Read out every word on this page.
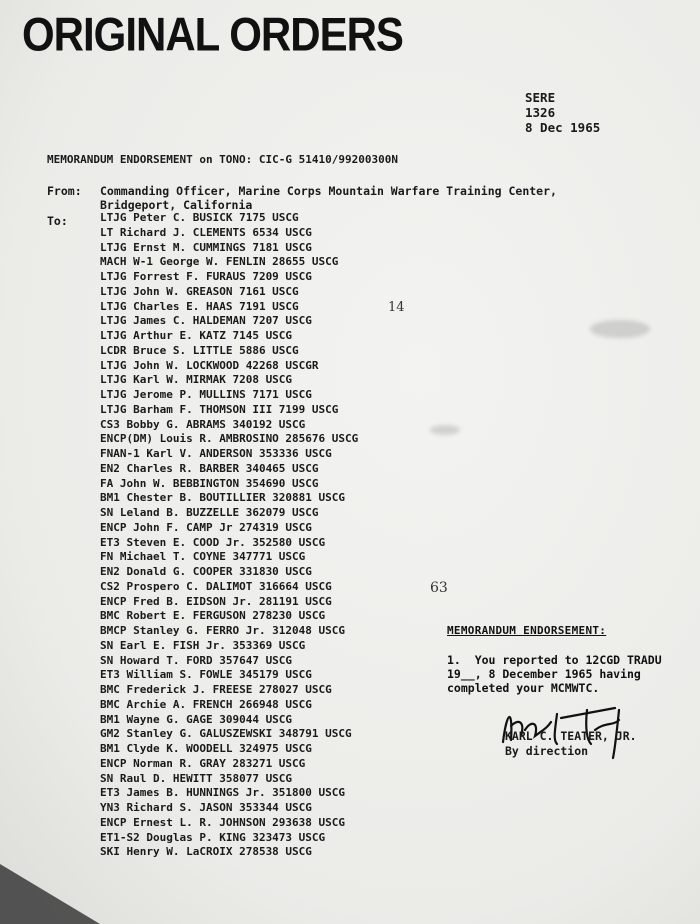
ORIGINAL ORDERS
SERE
1326
8 Dec 1965
MEMORANDUM ENDORSEMENT on TONO: CIC-G 51410/99200300N
From: Commanding Officer, Marine Corps Mountain Warfare Training Center,
Bridgeport, California
To:	LTJG Peter C. BUSICK 7175 USCG
LT Richard J. CLEMENTS 6534 USCG
LTJG Ernst M. CUMMINGS 7181 USCG
MACH W-1 George W. FENLIN 28655 USCG
LTJG Forrest F. FURAUS 7209 USCG
LTJG John W. GREASON 7161 USCG
LTJG Charles E. HAAS 7191 USCG
LTJG James C. HALDEMAN 7207 USCG
LTJG Arthur E. KATZ 7145 USCG
LCDR Bruce S. LITTLE 5886 USCG
LTJG John W. LOCKWOOD 42268 USCGR
LTJG Karl W. MIRMAK 7208 USCG
LTJG Jerome P. MULLINS 7171 USCG
LTJG Barham F. THOMSON III 7199 USCG
CS3 Bobby G. ABRAMS 340192 USCG
ENCP(DM) Louis R. AMBROSINO 285676 USCG
FNAN-1 Karl V. ANDERSON 353336 USCG
EN2 Charles R. BARBER 340465 USCG
FA John W. BEBBINGTON 354690 USCG
BM1 Chester B. BOUTILLIER 320881 USCG
SN Leland B. BUZZELLE 362079 USCG
ENCP John F. CAMP Jr 274319 USCG
ET3 Steven E. COOD Jr. 352580 USCG
FN Michael T. COYNE 347771 USCG
EN2 Donald G. COOPER 331830 USCG
CS2 Prospero C. DALIMOT 316664 USCG
ENCP Fred B. EIDSON Jr. 281191 USCG
BMC Robert E. FERGUSON 278230 USCG
BMCP Stanley G. FERRO Jr. 312048 USCG
SN Earl E. FISH Jr. 353369 USCG
SN Howard T. FORD 357647 USCG
ET3 William S. FOWLE 345179 USCG
BMC Frederick J. FREESE 278027 USCG
BMC Archie A. FRENCH 266948 USCG
BM1 Wayne G. GAGE 309044 USCG
GM2 Stanley G. GALUSZEWSKI 348791 USCG
BM1 Clyde K. WOODELL 324975 USCG
ENCP Norman R. GRAY 283271 USCG
SN Raul D. HEWITT 358077 USCG
ET3 James B. HUNNINGS Jr. 351800 USCG
YN3 Richard S. JASON 353344 USCG
ENCP Ernest L. R. JOHNSON 293638 USCG
ET1-S2 Douglas P. KING 323473 USCG
SKI Henry W. LaCROIX 278538 USCG
14
63
MEMORANDUM ENDORSEMENT:
1.  You reported to 12CGD TRADU
19__, 8 December 1965 having
completed your MCMWTC.
KARL C. TEATER, JR.
By direction
